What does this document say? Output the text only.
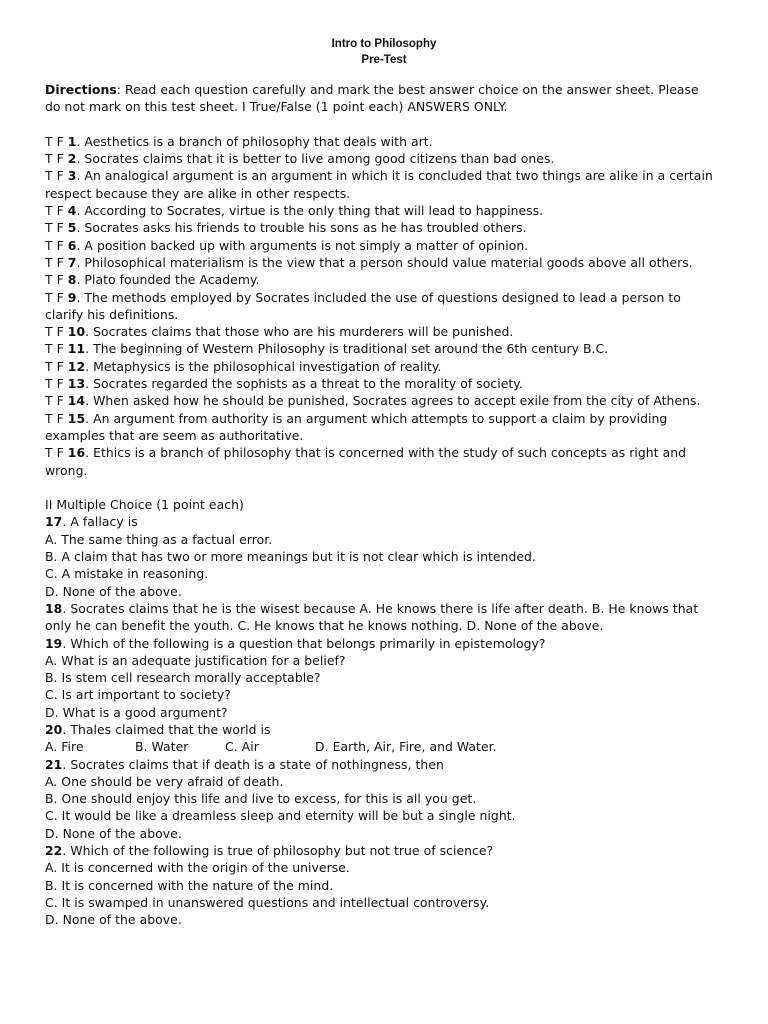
Intro to Philosophy
Pre-Test
Directions: Read each question carefully and mark the best answer choice on the answer sheet. Please do not mark on this test sheet. I True/False (1 point each) ANSWERS ONLY.
T F 1. Aesthetics is a branch of philosophy that deals with art.
T F 2. Socrates claims that it is better to live among good citizens than bad ones.
T F 3. An analogical argument is an argument in which it is concluded that two things are alike in a certain respect because they are alike in other respects.
T F 4. According to Socrates, virtue is the only thing that will lead to happiness.
T F 5. Socrates asks his friends to trouble his sons as he has troubled others.
T F 6. A position backed up with arguments is not simply a matter of opinion.
T F 7. Philosophical materialism is the view that a person should value material goods above all others.
T F 8. Plato founded the Academy.
T F 9. The methods employed by Socrates included the use of questions designed to lead a person to clarify his definitions.
T F 10. Socrates claims that those who are his murderers will be punished.
T F 11. The beginning of Western Philosophy is traditional set around the 6th century B.C.
T F 12. Metaphysics is the philosophical investigation of reality.
T F 13. Socrates regarded the sophists as a threat to the morality of society.
T F 14. When asked how he should be punished, Socrates agrees to accept exile from the city of Athens.
T F 15. An argument from authority is an argument which attempts to support a claim by providing examples that are seem as authoritative.
T F 16. Ethics is a branch of philosophy that is concerned with the study of such concepts as right and wrong.
II Multiple Choice (1 point each)
17. A fallacy is
A. The same thing as a factual error.
B. A claim that has two or more meanings but it is not clear which is intended.
C. A mistake in reasoning.
D. None of the above.
18. Socrates claims that he is the wisest because A. He knows there is life after death. B. He knows that only he can benefit the youth. C. He knows that he knows nothing. D. None of the above.
19. Which of the following is a question that belongs primarily in epistemology?
A. What is an adequate justification for a belief?
B. Is stem cell research morally acceptable?
C. Is art important to society?
D. What is a good argument?
20. Thales claimed that the world is
A. Fire	B. Water	C. Air	D. Earth, Air, Fire, and Water.
21. Socrates claims that if death is a state of nothingness, then
A. One should be very afraid of death.
B. One should enjoy this life and live to excess, for this is all you get.
C. It would be like a dreamless sleep and eternity will be but a single night.
D. None of the above.
22. Which of the following is true of philosophy but not true of science?
A. It is concerned with the origin of the universe.
B. It is concerned with the nature of the mind.
C. It is swamped in unanswered questions and intellectual controversy.
D. None of the above.
